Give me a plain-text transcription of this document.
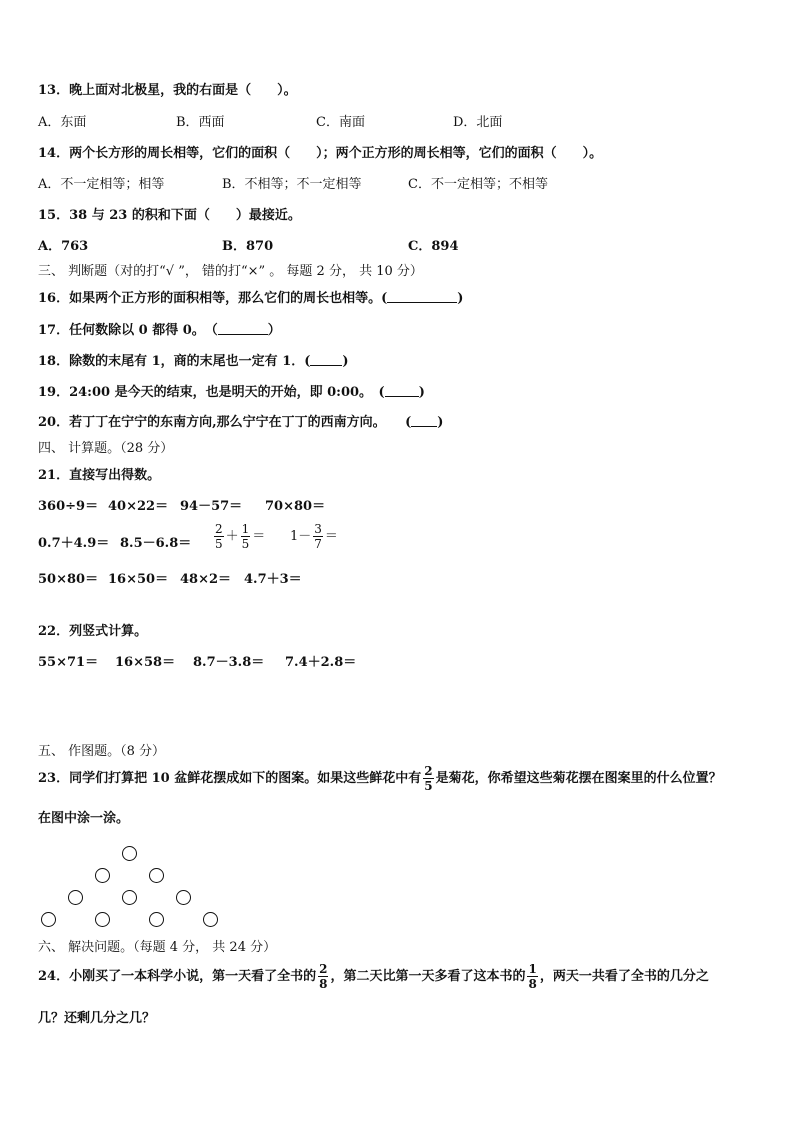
13．晚上面对北极星，我的右面是（　　）。
A．东面	B．西面	C．南面	D．北面
14．两个长方形的周长相等，它们的面积（　　）；两个正方形的周长相等，它们的面积（　　）。
A．不一定相等；相等	B．不相等；不一定相等	C．不一定相等；不相等
15．38 与 23 的积和下面（　　）最接近。
A．763	B．870	C．894
三、 判断题（对的打“√ ”， 错的打“×” 。 每题 2 分， 共 10 分）
16．如果两个正方形的面积相等，那么它们的周长也相等。(	)
17．任何数除以 0 都得 0。　（	）
18．除数的末尾有 1，商的末尾也一定有 1．( )
19．24:00 是今天的结束，也是明天的开始，即 0:00。　(	)
20．若丁丁在宁宁的东南方向,那么宁宁在丁丁的西南方向。　　( )
四、 计算题。（28 分）
21．直接写出得数。
360÷9＝ 40×22＝ 94－57＝ 70×80＝
$0.7+4.9= 8.5-6.8= \frac{2}{5} + \frac{1}{5} = 1- \frac{3}{7}$ ＝
50×80＝ 16×50＝ 48×2＝ 4.7＋3＝
22．列竖式计算。
55×71＝ 16×58＝ 8.7－3.8＝ 7.4＋2.8＝
五、 作图题。（8 分）
23．同学们打算把 10 盆鲜花摆成如下的图案。如果这些鲜花中有 $\frac{2}{5}$ 是菊花，你希望这些菊花摆在图案里的什么位置？
在图中涂一涂。
六、 解决问题。（每题 4 分， 共 24 分）
24．小刚买了一本科学小说，第一天看了全书的 $\frac{2}{8}$ ，第二天比第一天多看了这本书的 $\frac{1}{8}$ ，两天一共看了全书的几分之
几？还剩几分之几？
